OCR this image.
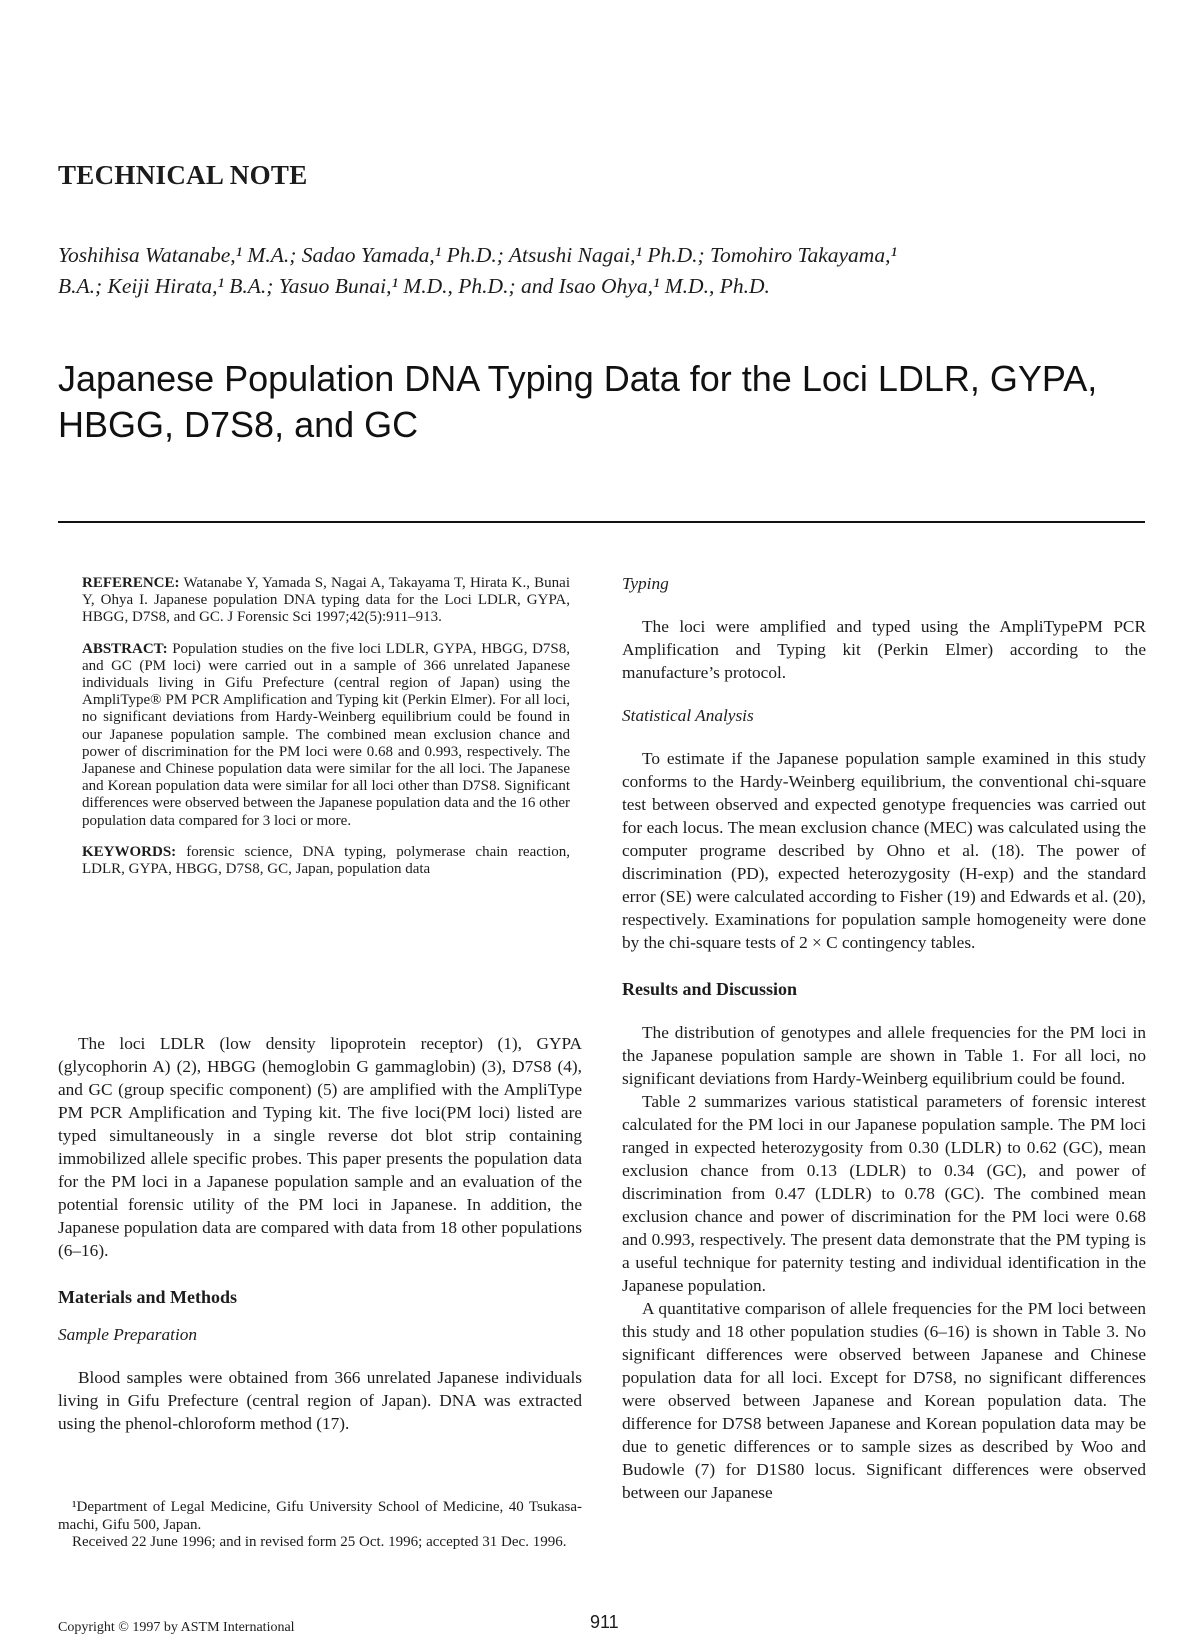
TECHNICAL NOTE

Yoshihisa Watanabe,¹ M.A.; Sadao Yamada,¹ Ph.D.; Atsushi Nagai,¹ Ph.D.; Tomohiro Takayama,¹

B.A.; Keiji Hirata,¹ B.A.; Yasuo Bunai,¹ M.D., Ph.D.; and Isao Ohya,¹ M.D., Ph.D.

Japanese Population DNA Typing Data for the Loci LDLR, GYPA, HBGG, D7S8, and GC

REFERENCE: Watanabe Y, Yamada S, Nagai A, Takayama T, Hirata K., Bunai Y, Ohya I. Japanese population DNA typing data for the Loci LDLR, GYPA, HBGG, D7S8, and GC. J Forensic Sci 1997;42(5):911–913.

ABSTRACT: Population studies on the five loci LDLR, GYPA, HBGG, D7S8, and GC (PM loci) were carried out in a sample of 366 unrelated Japanese individuals living in Gifu Prefecture (central region of Japan) using the AmpliType® PM PCR Amplification and Typing kit (Perkin Elmer). For all loci, no significant deviations from Hardy-Weinberg equilibrium could be found in our Japanese population sample. The combined mean exclusion chance and power of discrimination for the PM loci were 0.68 and 0.993, respectively. The Japanese and Chinese population data were similar for the all loci. The Japanese and Korean population data were similar for all loci other than D7S8. Significant differences were observed between the Japanese population data and the 16 other population data compared for 3 loci or more.

KEYWORDS: forensic science, DNA typing, polymerase chain reaction, LDLR, GYPA, HBGG, D7S8, GC, Japan, population data

The loci LDLR (low density lipoprotein receptor) (1), GYPA (glycophorin A) (2), HBGG (hemoglobin G gammaglobin) (3), D7S8 (4), and GC (group specific component) (5) are amplified with the AmpliType PM PCR Amplification and Typing kit. The five loci(PM loci) listed are typed simultaneously in a single reverse dot blot strip containing immobilized allele specific probes. This paper presents the population data for the PM loci in a Japanese population sample and an evaluation of the potential forensic utility of the PM loci in Japanese. In addition, the Japanese population data are compared with data from 18 other populations (6–16).

Materials and Methods

Sample Preparation

Blood samples were obtained from 366 unrelated Japanese individuals living in Gifu Prefecture (central region of Japan). DNA was extracted using the phenol-chloroform method (17).

¹Department of Legal Medicine, Gifu University School of Medicine, 40 Tsukasa-machi, Gifu 500, Japan.

Received 22 June 1996; and in revised form 25 Oct. 1996; accepted 31 Dec. 1996.

Typing

The loci were amplified and typed using the AmpliTypePM PCR Amplification and Typing kit (Perkin Elmer) according to the manufacture’s protocol.

Statistical Analysis

To estimate if the Japanese population sample examined in this study conforms to the Hardy-Weinberg equilibrium, the conventional chi-square test between observed and expected genotype frequencies was carried out for each locus. The mean exclusion chance (MEC) was calculated using the computer programe described by Ohno et al. (18). The power of discrimination (PD), expected heterozygosity (H-exp) and the standard error (SE) were calculated according to Fisher (19) and Edwards et al. (20), respectively. Examinations for population sample homogeneity were done by the chi-square tests of 2 × C contingency tables.

Results and Discussion

The distribution of genotypes and allele frequencies for the PM loci in the Japanese population sample are shown in Table 1. For all loci, no significant deviations from Hardy-Weinberg equilibrium could be found.

Table 2 summarizes various statistical parameters of forensic interest calculated for the PM loci in our Japanese population sample. The PM loci ranged in expected heterozygosity from 0.30 (LDLR) to 0.62 (GC), mean exclusion chance from 0.13 (LDLR) to 0.34 (GC), and power of discrimination from 0.47 (LDLR) to 0.78 (GC). The combined mean exclusion chance and power of discrimination for the PM loci were 0.68 and 0.993, respectively. The present data demonstrate that the PM typing is a useful technique for paternity testing and individual identification in the Japanese population.

A quantitative comparison of allele frequencies for the PM loci between this study and 18 other population studies (6–16) is shown in Table 3. No significant differences were observed between Japanese and Chinese population data for all loci. Except for D7S8, no significant differences were observed between Japanese and Korean population data. The difference for D7S8 between Japanese and Korean population data may be due to genetic differences or to sample sizes as described by Woo and Budowle (7) for D1S80 locus. Significant differences were observed between our Japanese

Copyright © 1997 by ASTM International	911
